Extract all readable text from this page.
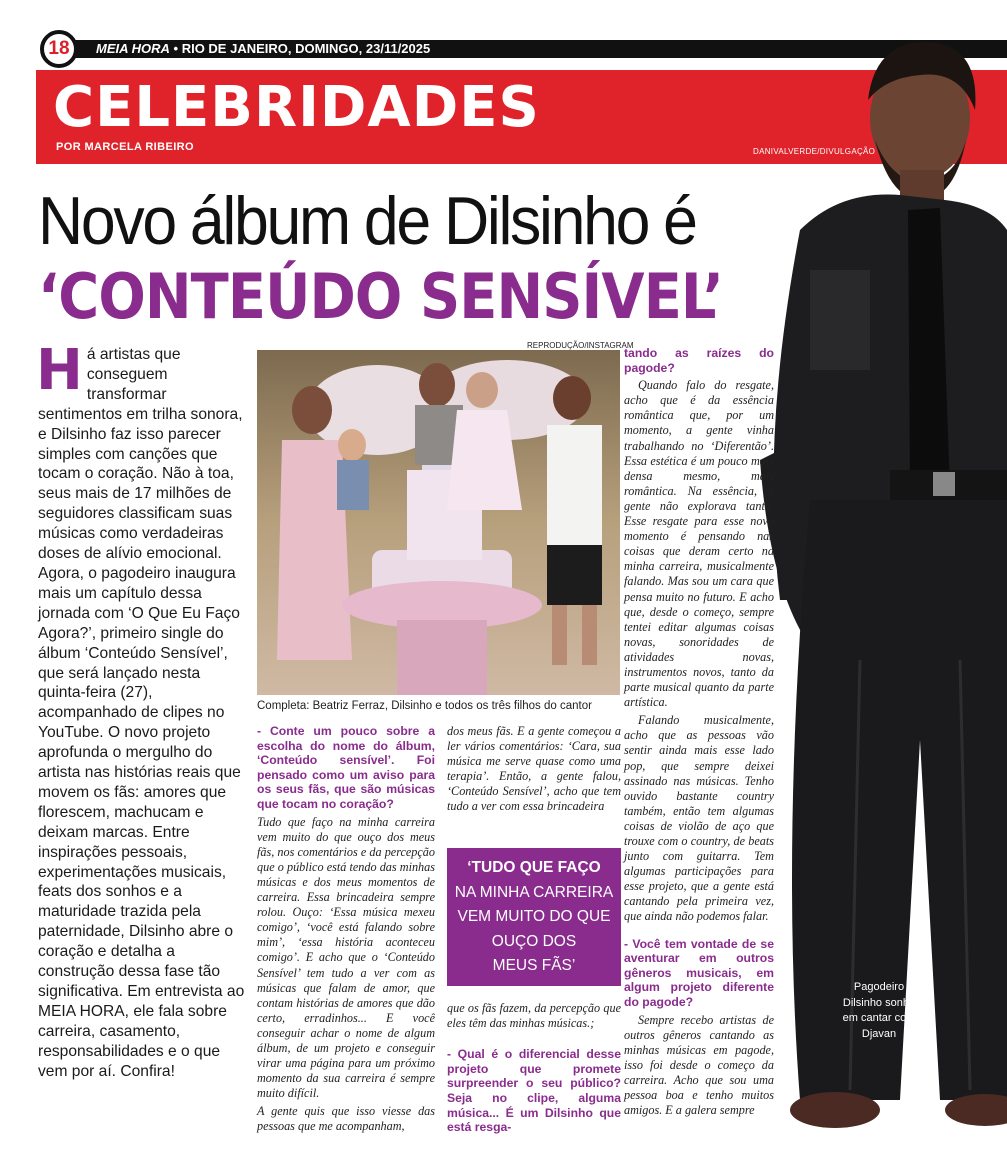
18	MEIA HORA • RIO DE JANEIRO, DOMINGO, 23/11/2025
CELEBRIDADES
POR MARCELA RIBEIRO	DANIVALVERDE/DIVULGAÇÃO
Pagodeiro Dilsinho sonha em cantar com Djavan
Novo álbum de Dilsinho é
‘CONTEÚDO SENSÍVEL’
Há artistas que conseguem transformar sentimentos em trilha sonora, e Dilsinho faz isso parecer simples com canções que tocam o coração. Não à toa, seus mais de 17 milhões de seguidores classificam suas músicas como verdadeiras doses de alívio emocional. Agora, o pagodeiro inaugura mais um capítulo dessa jornada com ‘O Que Eu Faço Agora?’, primeiro single do álbum ‘Conteúdo Sensível’, que será lançado nesta quinta-feira (27), acompanhado de clipes no YouTube. O novo projeto aprofunda o mergulho do artista nas histórias reais que movem os fãs: amores que florescem, machucam e deixam marcas. Entre inspirações pessoais, experimentações musicais, feats dos sonhos e a maturidade trazida pela paternidade, Dilsinho abre o coração e detalha a construção dessa fase tão significativa. Em entrevista ao MEIA HORA, ele fala sobre carreira, casamento, responsabilidades e o que vem por aí. Confira!
REPRODUÇÃO/INSTAGRAM
Completa: Beatriz Ferraz, Dilsinho e todos os três filhos do cantor

- Conte um pouco sobre a escolha do nome do álbum, ‘Conteúdo sensível’. Foi pensado como um aviso para os seus fãs, que são músicas que tocam no coração?

Tudo que faço na minha carreira vem muito do que ouço dos meus fãs, nos comentários e da percepção que o público está tendo das minhas músicas e dos meus momentos de carreira. Essa brincadeira sempre rolou. Ouço: ‘Essa música mexeu comigo’, ‘você está falando sobre mim’, ‘essa história aconteceu comigo’. E acho que o ‘Conteúdo Sensível’ tem tudo a ver com as músicas que falam de amor, que contam histórias de amores que dão certo, erradinhos... E você conseguir achar o nome de algum álbum, de um projeto e conseguir virar uma página para um próximo momento da sua carreira é sempre muito difícil.

A gente quis que isso viesse das pessoas que me acompanham,

dos meus fãs. E a gente começou a ler vários comentários: ‘Cara, sua música me serve quase como uma terapia’. Então, a gente falou, ‘Conteúdo Sensível’, acho que tem tudo a ver com essa brincadeira

‘TUDO QUE FAÇO
NA MINHA CARREIRA
VEM MUITO DO QUE
OUÇO DOS
MEUS FÃS’

que os fãs fazem, da percepção que eles têm das minhas músicas.;

- Qual é o diferencial desse projeto que promete surpreender o seu público? Seja no clipe, alguma música... É um Dilsinho que está resga-

tando as raízes do pagode?

Quando falo do resgate, acho que é da essência romântica que, por um momento, a gente vinha trabalhando no ‘Diferentão’. Essa estética é um pouco mais densa mesmo, mais romântica. Na essência, a gente não explorava tanto. Esse resgate para esse novo momento é pensando nas coisas que deram certo na minha carreira, musicalmente falando. Mas sou um cara que pensa muito no futuro. E acho que, desde o começo, sempre tentei editar algumas coisas novas, sonoridades de atividades novas, instrumentos novos, tanto da parte musical quanto da parte artística.

Falando musicalmente, acho que as pessoas vão sentir ainda mais esse lado pop, que sempre deixei assinado nas músicas. Tenho ouvido bastante country também, então tem algumas coisas de violão de aço que trouxe com o country, de beats junto com guitarra. Tem algumas participações para esse projeto, que a gente está cantando pela primeira vez, que ainda não podemos falar.

- Você tem vontade de se aventurar em outros gêneros musicais, em algum projeto diferente do pagode?

Sempre recebo artistas de outros gêneros cantando as minhas músicas em pagode, isso foi desde o começo da carreira. Acho que sou uma pessoa boa e tenho muitos amigos. E a galera sempre
